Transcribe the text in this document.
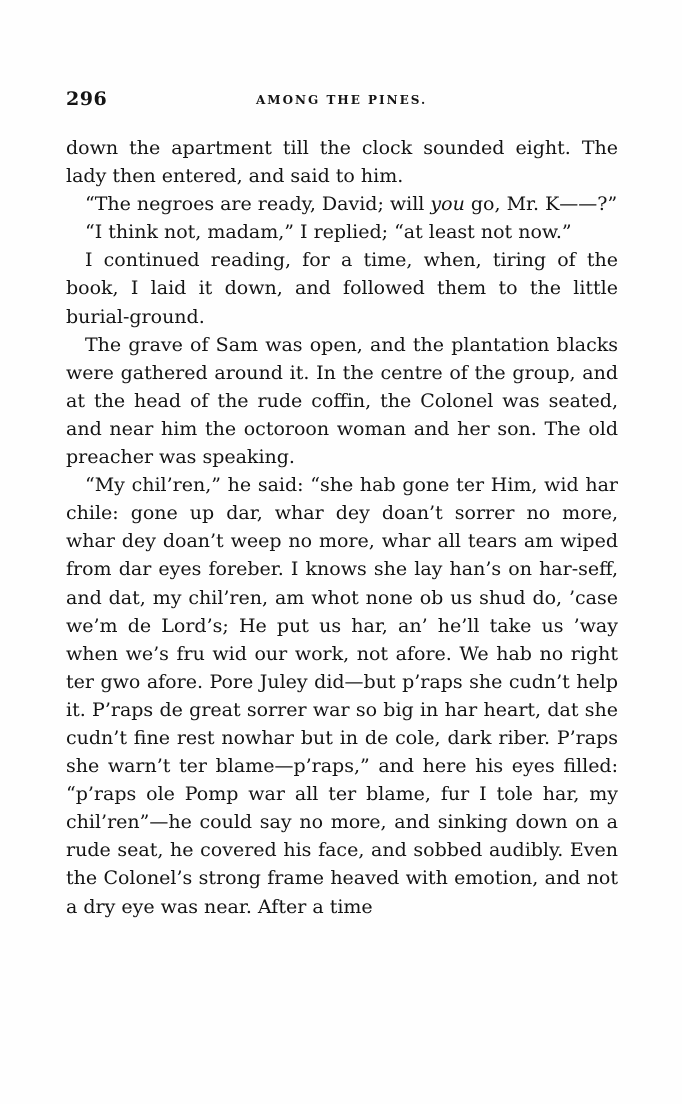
296	AMONG THE PINES.

down the apartment till the clock sounded eight. The lady then entered, and said to him.

“The negroes are ready, David; will you go, Mr. K——?”

“I think not, madam,” I replied; “at least not now.”

I continued reading, for a time, when, tiring of the book, I laid it down, and followed them to the little burial-ground.

The grave of Sam was open, and the plantation blacks were gathered around it. In the centre of the group, and at the head of the rude coffin, the Colonel was seated, and near him the octoroon woman and her son. The old preacher was speaking.

“My chil’ren,” he said: “she hab gone ter Him, wid har chile: gone up dar, whar dey doan’t sorrer no more, whar dey doan’t weep no more, whar all tears am wiped from dar eyes foreber. I knows she lay han’s on har-seff, and dat, my chil’ren, am whot none ob us shud do, ’case we’m de Lord’s; He put us har, an’ he’ll take us ’way when we’s fru wid our work, not afore. We hab no right ter gwo afore. Pore Juley did—but p’raps she cudn’t help it. P’raps de great sorrer war so big in har heart, dat she cudn’t fine rest nowhar but in de cole, dark riber. P’raps she warn’t ter blame—p’raps,” and here his eyes filled: “p’raps ole Pomp war all ter blame, fur I tole har, my chil’ren”—he could say no more, and sinking down on a rude seat, he covered his face, and sobbed audibly. Even the Colonel’s strong frame heaved with emotion, and not a dry eye was near. After a time
